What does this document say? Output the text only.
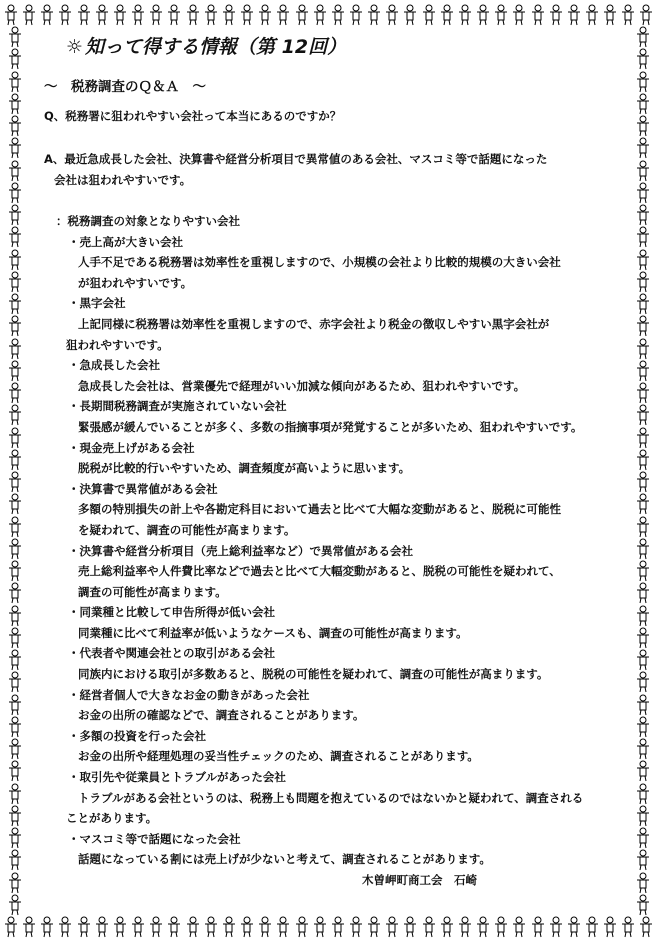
☼ 知って得する情報（第 12回）
～　税務調査のＱ＆Ａ　～
Q、税務署に狙われやすい会社って本当にあるのですか？
A、最近急成長した会社、決算書や経営分析項目で異常値のある会社、マスコミ等で話題になった
会社は狙われやすいです。
：税務調査の対象となりやすい会社
・売上高が大きい会社
人手不足である税務署は効率性を重視しますので、小規模の会社より比較的規模の大きい会社
が狙われやすいです。
・黒字会社
上記同様に税務署は効率性を重視しますので、赤字会社より税金の徴収しやすい黒字会社が
狙われやすいです。
・急成長した会社
急成長した会社は、営業優先で経理がいい加減な傾向があるため、狙われやすいです。
・長期間税務調査が実施されていない会社
緊張感が緩んでいることが多く、多数の指摘事項が発覚することが多いため、狙われやすいです。
・現金売上げがある会社
脱税が比較的行いやすいため、調査頻度が高いように思います。
・決算書で異常値がある会社
多額の特別損失の計上や各勘定科目において過去と比べて大幅な変動があると、脱税に可能性
を疑われて、調査の可能性が高まります。
・決算書や経営分析項目（売上総利益率など）で異常値がある会社
売上総利益率や人件費比率などで過去と比べて大幅変動があると、脱税の可能性を疑われて、
調査の可能性が高まります。
・同業種と比較して申告所得が低い会社
同業種に比べて利益率が低いようなケースも、調査の可能性が高まります。
・代表者や関連会社との取引がある会社
同族内における取引が多数あると、脱税の可能性を疑われて、調査の可能性が高まります。
・経営者個人で大きなお金の動きがあった会社
お金の出所の確認などで、調査されることがあります。
・多額の投資を行った会社
お金の出所や経理処理の妥当性チェックのため、調査されることがあります。
・取引先や従業員とトラブルがあった会社
トラブルがある会社というのは、税務上も問題を抱えているのではないかと疑われて、調査される
ことがあります。
・マスコミ等で話題になった会社
話題になっている割には売上げが少ないと考えて、調査されることがあります。
木曽岬町商工会　石崎
